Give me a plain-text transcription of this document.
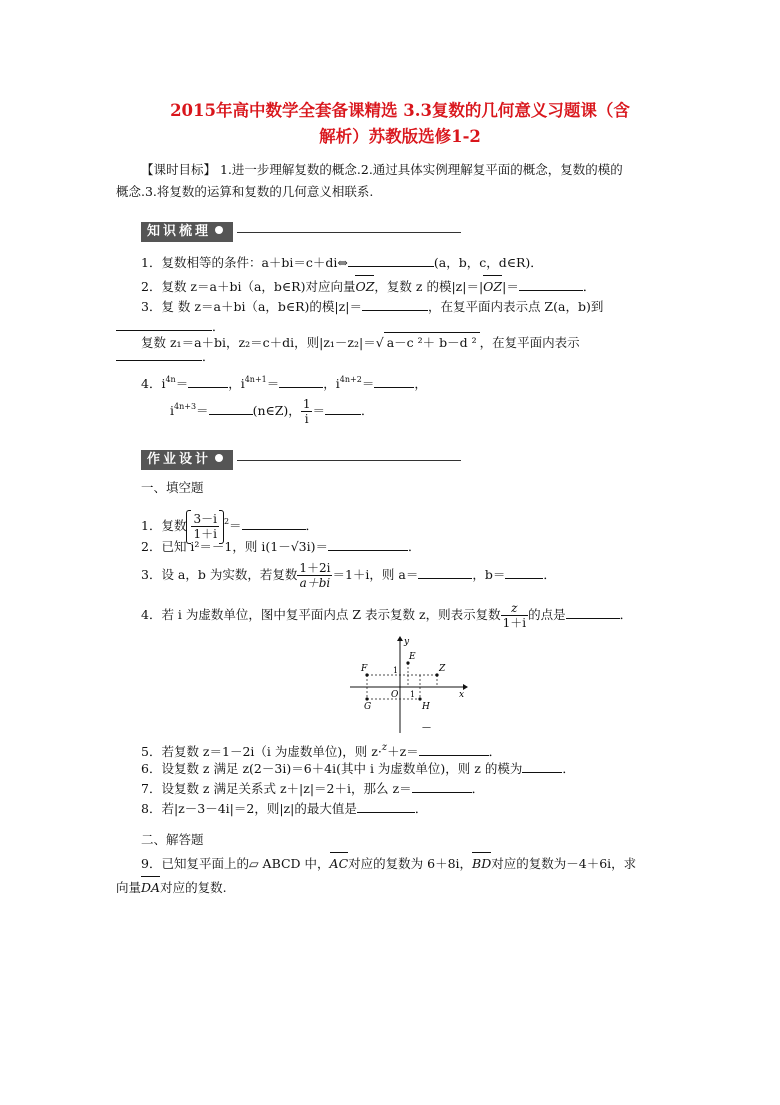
2015年高中数学全套备课精选 3.3复数的几何意义习题课（含
解析）苏教版选修1-2
【课时目标】 1.进一步理解复数的概念.2.通过具体实例理解复平面的概念，复数的模的
概念.3.将复数的运算和复数的几何意义相联系.
知识梳理
1．复数相等的条件：a＋bi＝c＋di⇔	(a，b，c，d∈R)．
2．复数 z＝a＋bi（a，b∈R)对应向量OZ，复数 z 的模|z|＝|OZ|＝	．
3．复 数 z＝a＋bi（a，b∈R)的模|z|＝	，在复平面内表示点 Z(a，b)到
．
复数 z₁＝a＋bi，z₂＝c＋di，则|z₁－z₂|＝√ a－c ²＋ b－d ² ，在复平面内表示
．
4．$i^{4n}=$	，$i^{4n+1}=$	，$i^{4n+2}=$	，
$i^{4n+3}=$	(n∈Z)， $\frac{1}{i}$ ＝	．
作业设计
一、填空题
1．复数 $\frac{3-i}{1+i} ^2=$	．
2．已知 i²＝－1，则 i(1－√3i)＝	．
3．设 a，b 为实数，若复数 $\frac{1+2i}{a+bi} =1+i$，则 a＝	，b＝	．
4．若 i 为虚数单位，图中复平面内点 Z 表示复数 z，则表示复数 $\frac{z}{1+i}$ 的点是	．
F
E
Z
G	H
O	x
y
1
1
—
5．若复数 z＝1－2i（i 为虚数单位)，则 z·$^z$＋z＝	．
6．设复数 z 满足 z(2－3i)＝6＋4i(其中 i 为虚数单位)，则 z 的模为	．
7．设复数 z 满足关系式 z＋|z|＝2＋i，那么 z＝	．
8．若|z－3－4i|＝2，则|z|的最大值是	．
二、解答题
9．已知复平面上的▱ ABCD 中，AC对应的复数为 6＋8i，BD对应的复数为－4＋6i，求
向量DA对应的复数.
